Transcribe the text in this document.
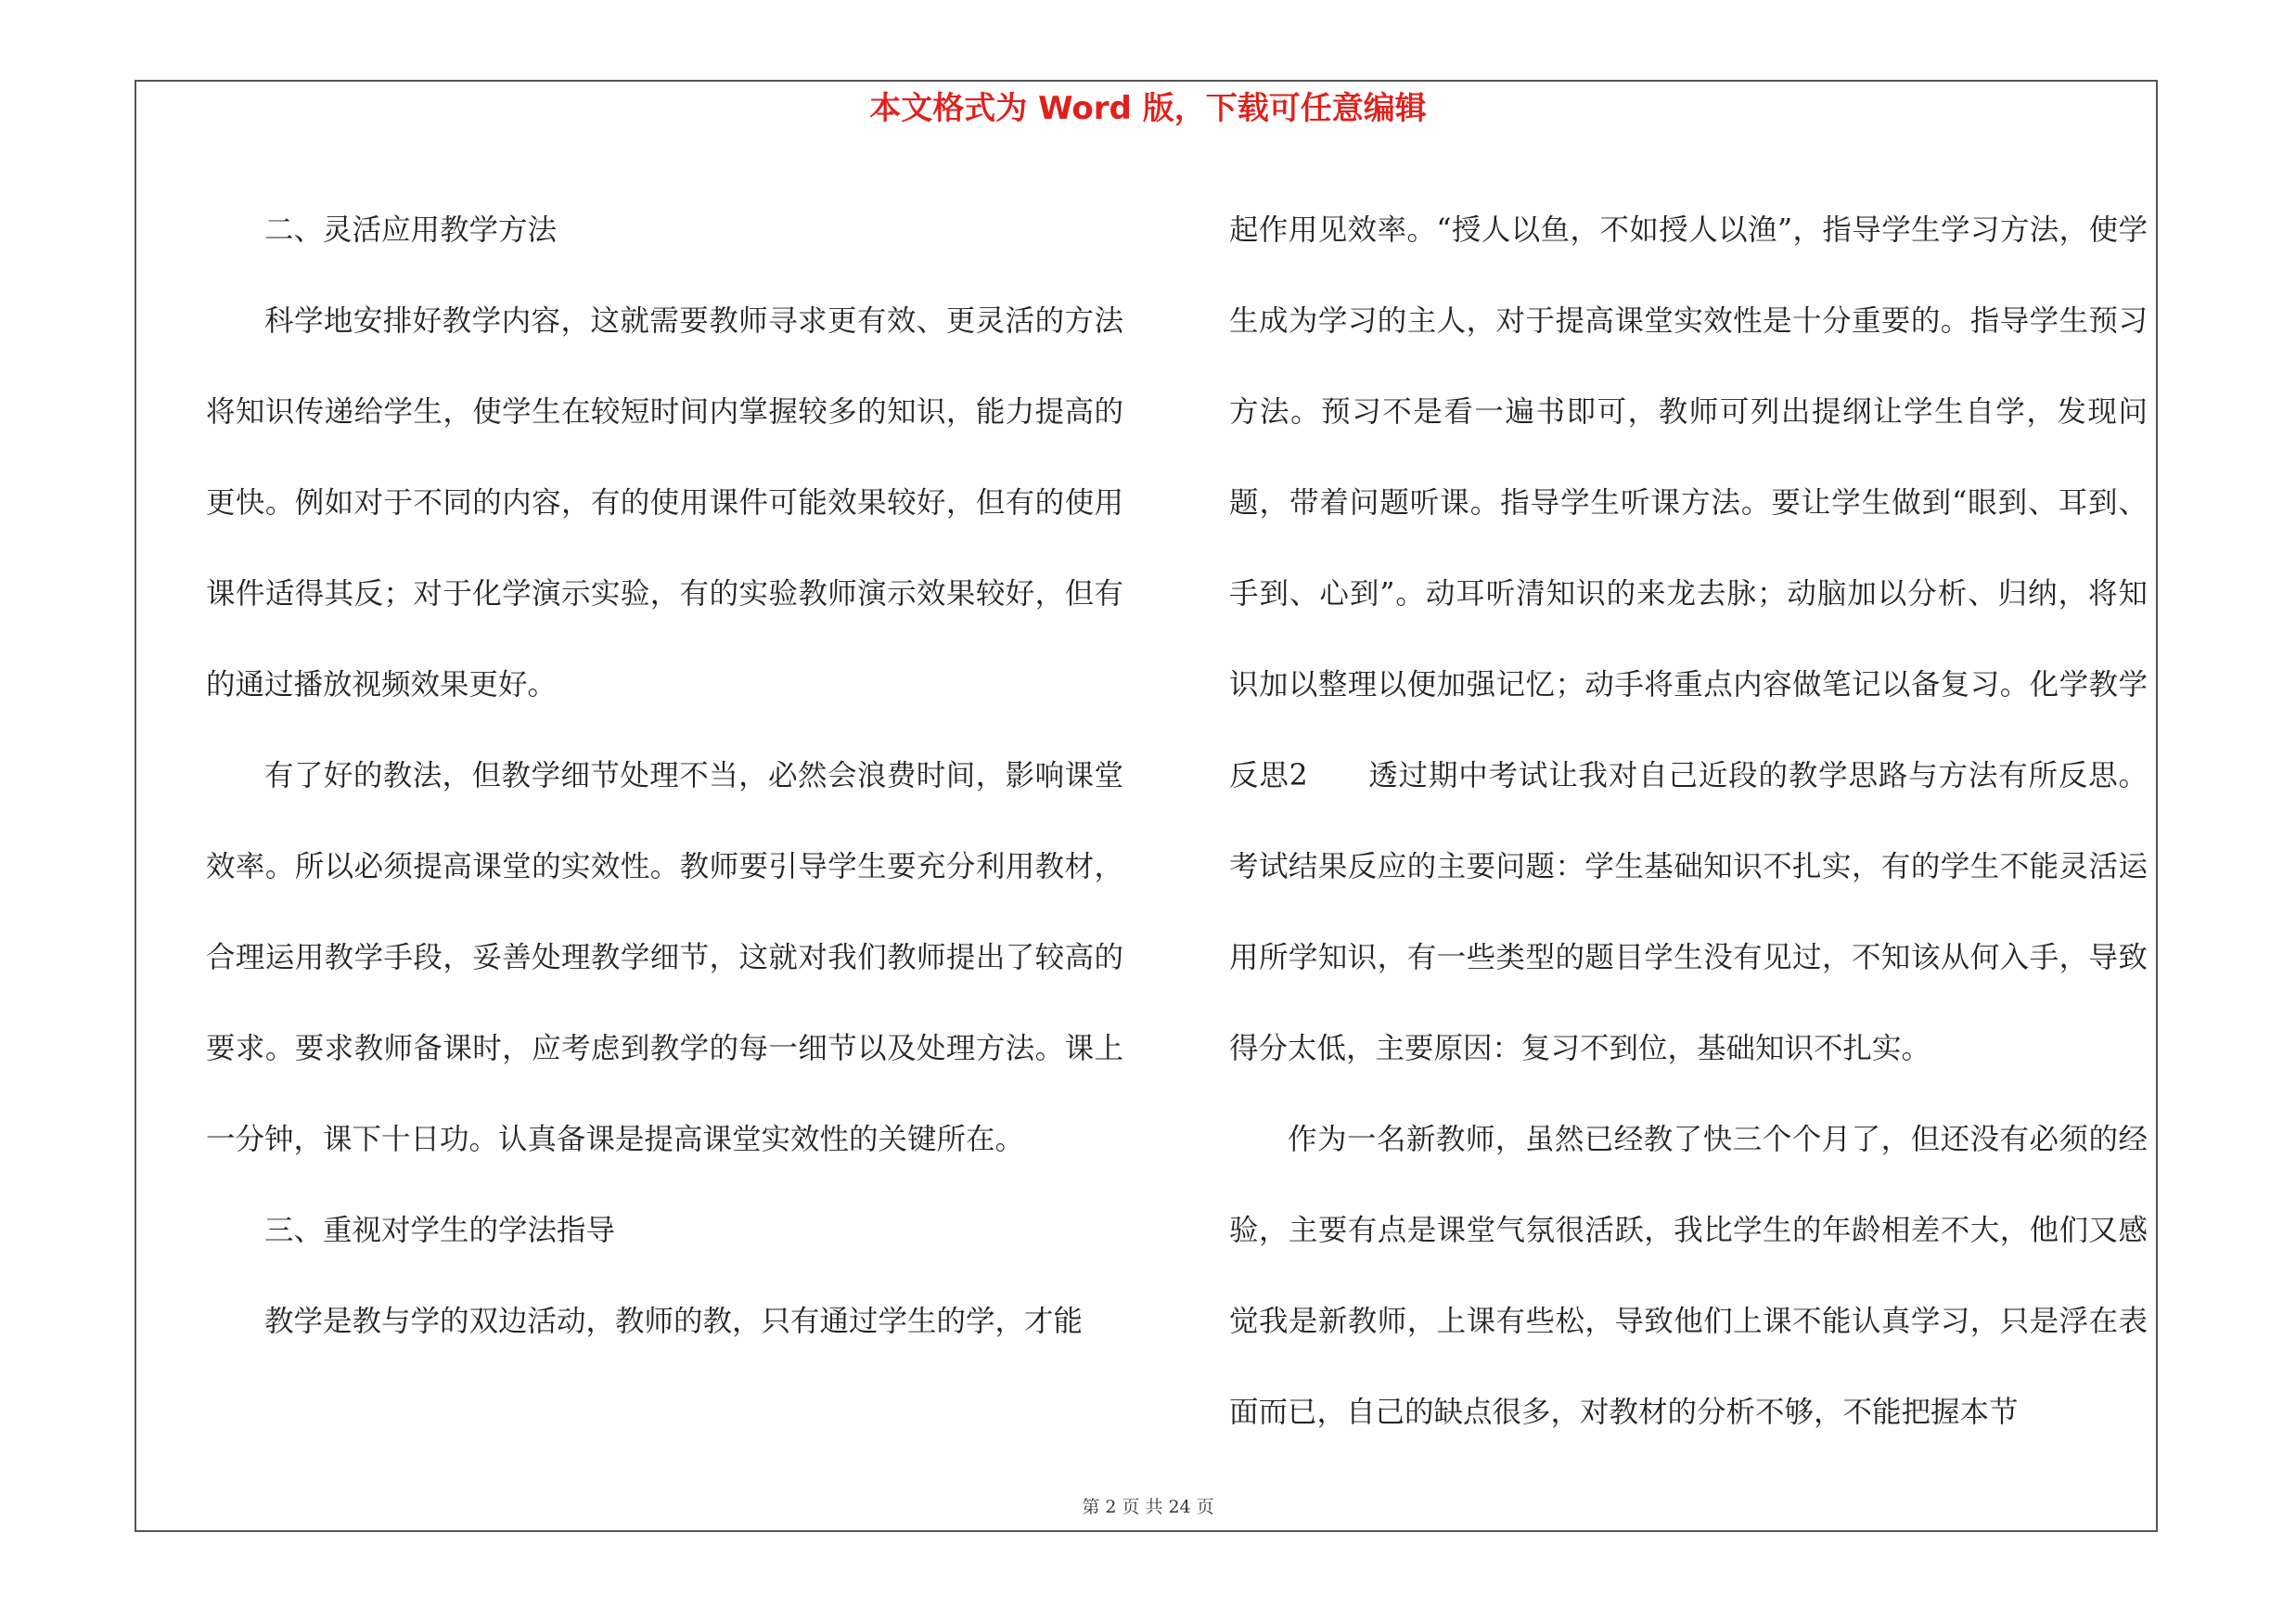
本文格式为 Word 版，下载可任意编辑

二、灵活应用教学方法

科学地安排好教学内容，这就需要教师寻求更有效、更灵活的方法将知识传递给学生，使学生在较短时间内掌握较多的知识，能力提高的更快。例如对于不同的内容，有的使用课件可能效果较好，但有的使用课件适得其反；对于化学演示实验，有的实验教师演示效果较好，但有的通过播放视频效果更好。

有了好的教法，但教学细节处理不当，必然会浪费时间，影响课堂效率。所以必须提高课堂的实效性。教师要引导学生要充分利用教材，合理运用教学手段，妥善处理教学细节，这就对我们教师提出了较高的要求。要求教师备课时，应考虑到教学的每一细节以及处理方法。课上一分钟，课下十日功。认真备课是提高课堂实效性的关键所在。

三、重视对学生的学法指导

教学是教与学的双边活动，教师的教，只有通过学生的学，才能

起作用见效率。“授人以鱼，不如授人以渔”，指导学生学习方法，使学生成为学习的主人，对于提高课堂实效性是十分重要的。指导学生预习方法。预习不是看一遍书即可，教师可列出提纲让学生自学，发现问题，带着问题听课。指导学生听课方法。要让学生做到“眼到、耳到、手到、心到”。动耳听清知识的来龙去脉；动脑加以分析、归纳，将知识加以整理以便加强记忆；动手将重点内容做笔记以备复习。化学教学反思2　　透过期中考试让我对自己近段的教学思路与方法有所反思。考试结果反应的主要问题：学生基础知识不扎实，有的学生不能灵活运用所学知识，有一些类型的题目学生没有见过，不知该从何入手，导致得分太低，主要原因：复习不到位，基础知识不扎实。

作为一名新教师，虽然已经教了快三个个月了，但还没有必须的经验，主要有点是课堂气氛很活跃，我比学生的年龄相差不大，他们又感觉我是新教师，上课有些松，导致他们上课不能认真学习，只是浮在表面而已，自己的缺点很多，对教材的分析不够，不能把握本节

第 2 页 共 24 页
